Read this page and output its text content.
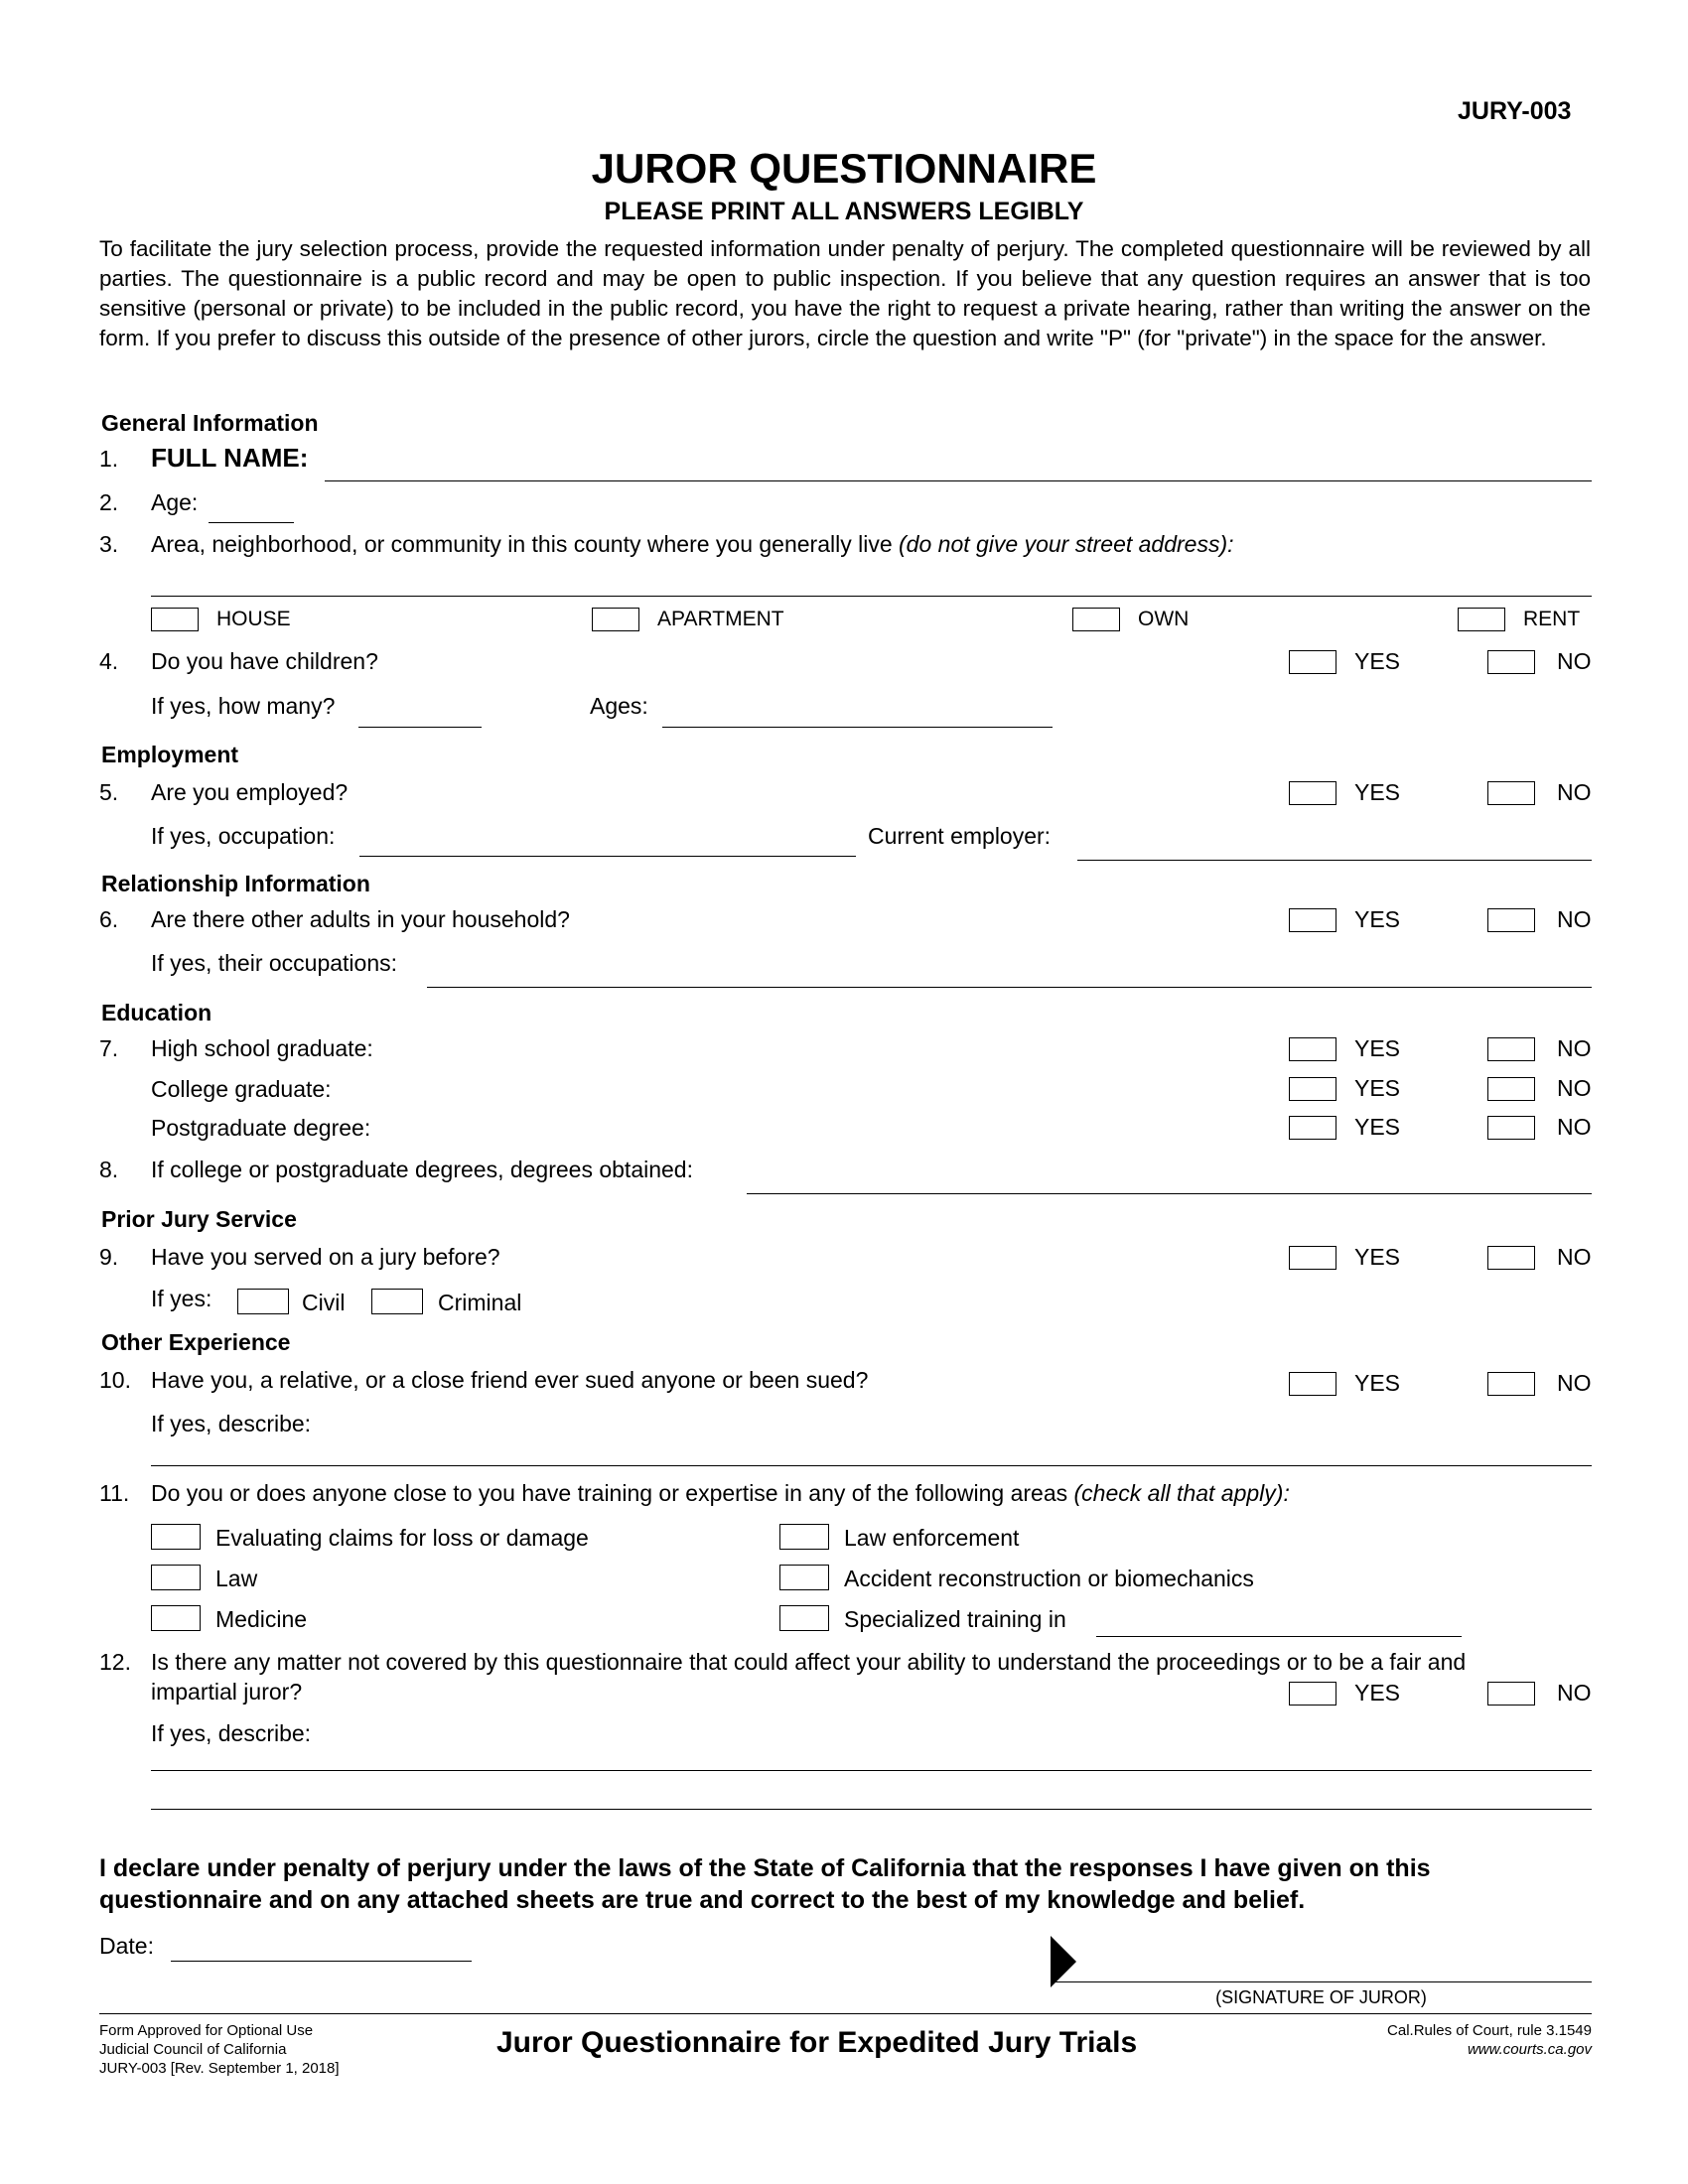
JURY-003
JUROR QUESTIONNAIRE
PLEASE PRINT ALL ANSWERS LEGIBLY
To facilitate the jury selection process, provide the requested information under penalty of perjury. The completed questionnaire will be reviewed by all parties. The questionnaire is a public record and may be open to public inspection. If you believe that any question requires an answer that is too sensitive (personal or private) to be included in the public record, you have the right to request a private hearing, rather than writing the answer on the form. If you prefer to discuss this outside of the presence of other jurors, circle the question and write "P" (for "private") in the space for the answer.
General Information
1. FULL NAME:
2. Age:
3. Area, neighborhood, or community in this county where you generally live (do not give your street address):
HOUSE	APARTMENT	OWN	RENT
4. Do you have children?	YES	NO
If yes, how many?	Ages:
Employment
5. Are you employed?	YES	NO
If yes, occupation:	Current employer:
Relationship Information
6. Are there other adults in your household?	YES	NO
If yes, their occupations:
Education
7. High school graduate:	YES	NO
College graduate:	YES	NO
Postgraduate degree:	YES	NO
8. If college or postgraduate degrees, degrees obtained:
Prior Jury Service
9. Have you served on a jury before?	YES	NO
If yes:	Civil	Criminal
Other Experience
10. Have you, a relative, or a close friend ever sued anyone or been sued?	YES	NO
If yes, describe:
11. Do you or does anyone close to you have training or expertise in any of the following areas (check all that apply):
Evaluating claims for loss or damage	Law enforcement
Law	Accident reconstruction or biomechanics
Medicine	Specialized training in
12. Is there any matter not covered by this questionnaire that could affect your ability to understand the proceedings or to be a fair and
impartial juror?	YES	NO
If yes, describe:
I declare under penalty of perjury under the laws of the State of California that the responses I have given on this
questionnaire and on any attached sheets are true and correct to the best of my knowledge and belief.
Date:
(SIGNATURE OF JUROR)
Form Approved for Optional Use
Judicial Council of California
JURY-003 [Rev. September 1, 2018]
Juror Questionnaire for Expedited Jury Trials	Cal.Rules of Court, rule 3.1549
www.courts.ca.gov
